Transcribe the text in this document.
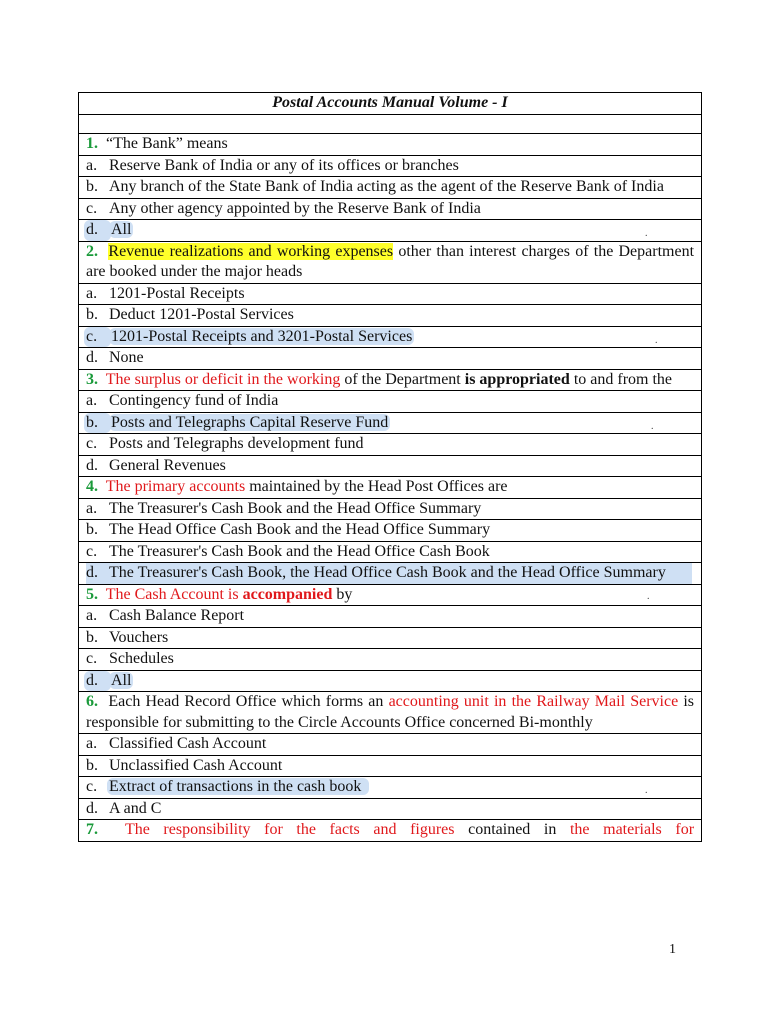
Postal Accounts Manual Volume - I

1. “The Bank” means

a. Reserve Bank of India or any of its offices or branches

b. Any branch of the State Bank of India acting as the agent of the Reserve Bank of India

c. Any other agency appointed by the Reserve Bank of India

d. All	.

2. Revenue realizations and working expenses other than interest charges of the Department are booked under the major heads

a. 1201-Postal Receipts

b. Deduct 1201-Postal Services

c. 1201-Postal Receipts and 3201-Postal Services	.

d. None

3. The surplus or deficit in the working of the Department is appropriated to and from the

a. Contingency fund of India

b. Posts and Telegraphs Capital Reserve Fund	.

c. Posts and Telegraphs development fund

d. General Revenues

4. The primary accounts maintained by the Head Post Offices are

a. The Treasurer's Cash Book and the Head Office Summary

b. The Head Office Cash Book and the Head Office Summary

c. The Treasurer's Cash Book and the Head Office Cash Book

d. The Treasurer's Cash Book, the Head Office Cash Book and the Head Office Summary
.

5. The Cash Account is accompanied by

a. Cash Balance Report

b. Vouchers

c. Schedules

d. All

6. Each Head Record Office which forms an accounting unit in the Railway Mail Service is responsible for submitting to the Circle Accounts Office concerned Bi-monthly

a. Classified Cash Account

b. Unclassified Cash Account

c. Extract of transactions in the cash book	.

d. A and C

7. The responsibility for the facts and figures contained in the materials for
1
